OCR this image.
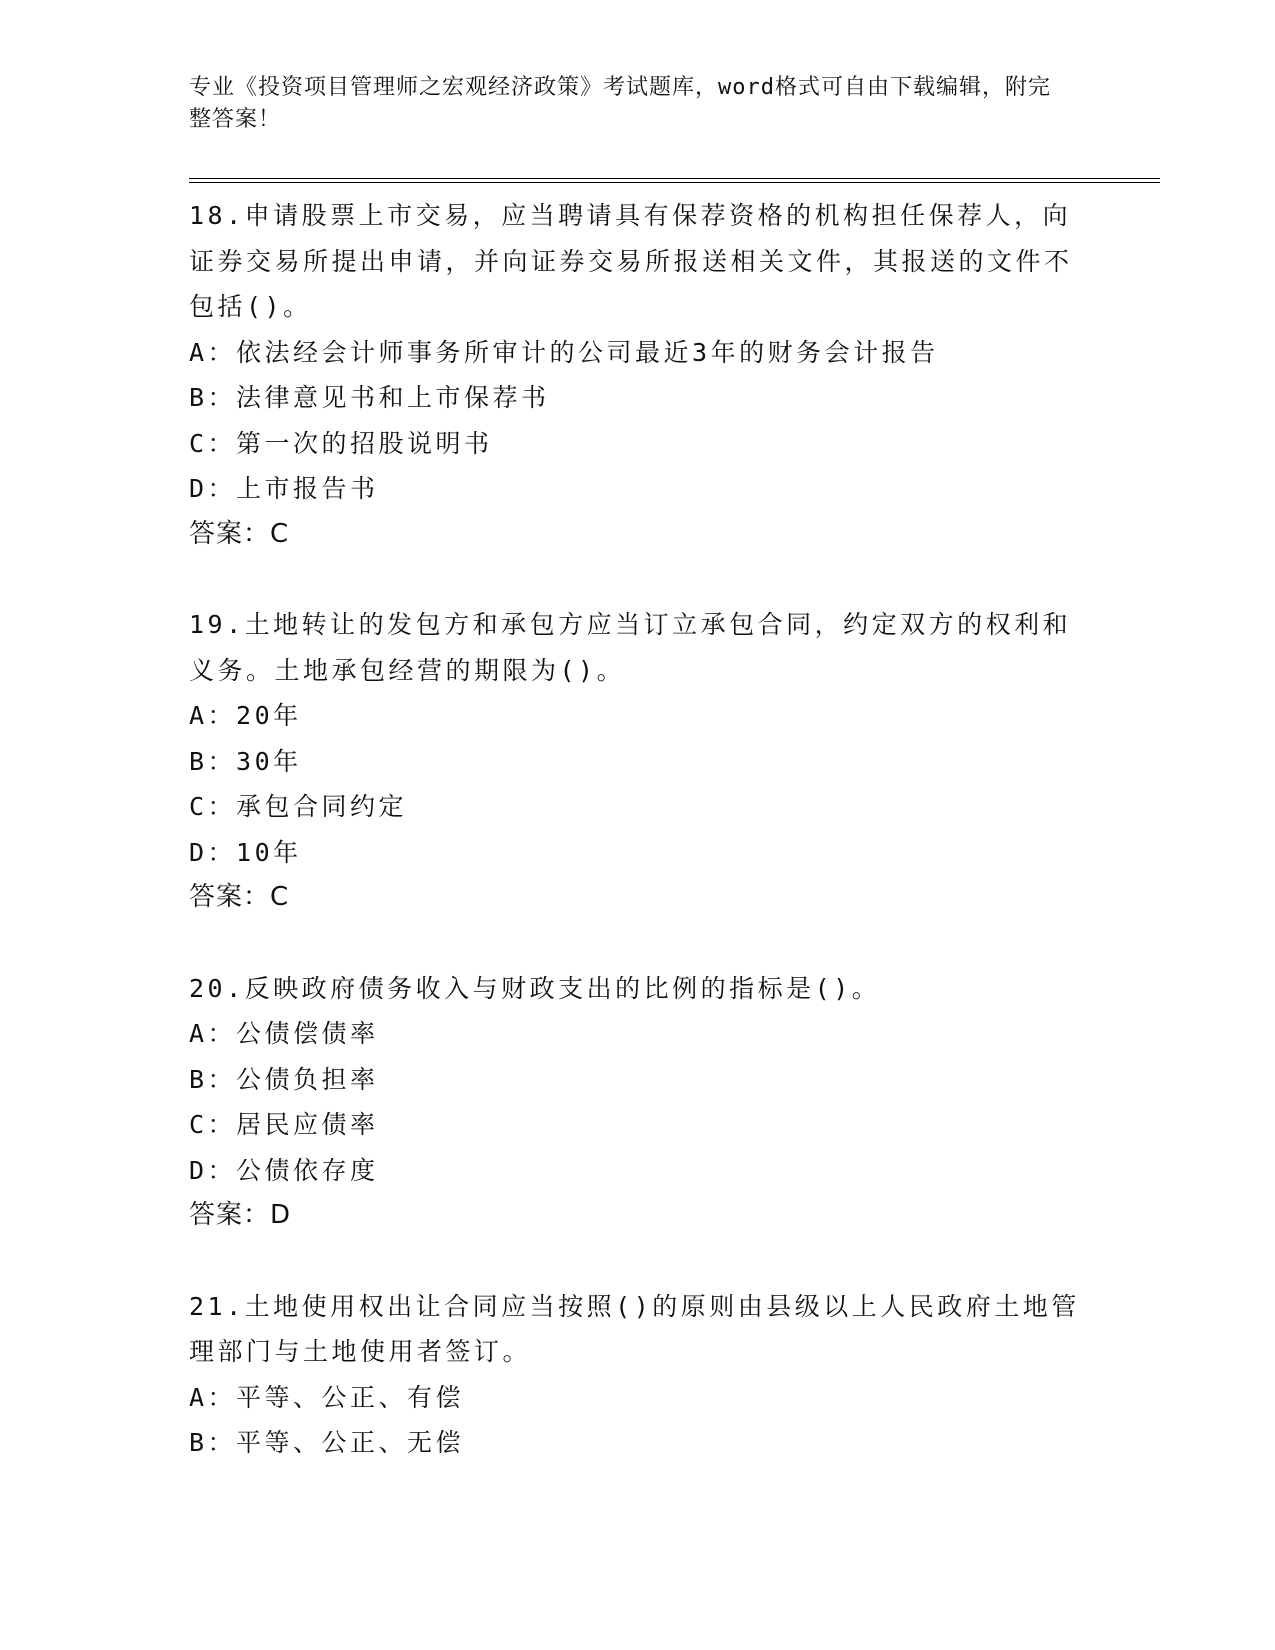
专业《投资项目管理师之宏观经济政策》考试题库，word格式可自由下载编辑，附完整答案！

18.申请股票上市交易，应当聘请具有保荐资格的机构担任保荐人，向证券交易所提出申请，并向证券交易所报送相关文件，其报送的文件不包括()。

A：依法经会计师事务所审计的公司最近3年的财务会计报告

B：法律意见书和上市保荐书

C：第一次的招股说明书

D：上市报告书

答案：C

19.土地转让的发包方和承包方应当订立承包合同，约定双方的权利和义务。土地承包经营的期限为()。

A：20年

B：30年

C：承包合同约定

D：10年

答案：C

20.反映政府债务收入与财政支出的比例的指标是()。

A：公债偿债率

B：公债负担率

C：居民应债率

D：公债依存度

答案：D

21.土地使用权出让合同应当按照()的原则由县级以上人民政府土地管理部门与土地使用者签订。

A：平等、公正、有偿

B：平等、公正、无偿
